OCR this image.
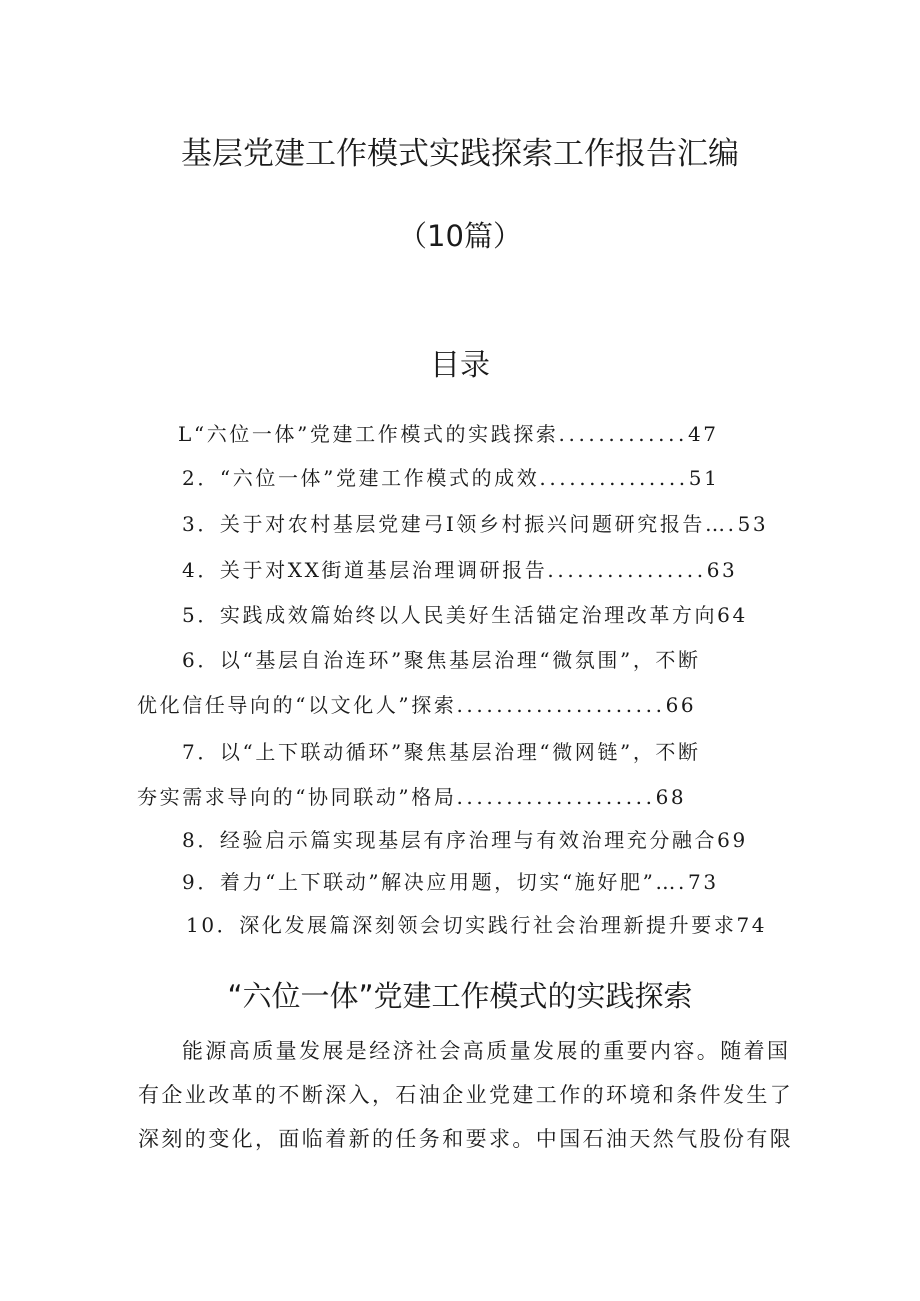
基层党建工作模式实践探索工作报告汇编
（10篇）
目录
L“六位一体”党建工作模式的实践探索.............47
2．“六位一体”党建工作模式的成效...............51
3．关于对农村基层党建弓I领乡村振兴问题研究报告….53
4．关于对XX街道基层治理调研报告................63
5．实践成效篇始终以人民美好生活锚定治理改革方向64
6．以“基层自治连环”聚焦基层治理“微氛围”，不断
优化信任导向的“以文化人”探索.....................66
7．以“上下联动循环”聚焦基层治理“微网链”，不断
夯实需求导向的“协同联动”格局....................68
8．经验启示篇实现基层有序治理与有效治理充分融合69
9．着力“上下联动”解决应用题，切实“施好肥”….73
10．深化发展篇深刻领会切实践行社会治理新提升要求74
“六位一体”党建工作模式的实践探索
能源高质量发展是经济社会高质量发展的重要内容。随着国
有企业改革的不断深入，石油企业党建工作的环境和条件发生了
深刻的变化，面临着新的任务和要求。中国石油天然气股份有限
